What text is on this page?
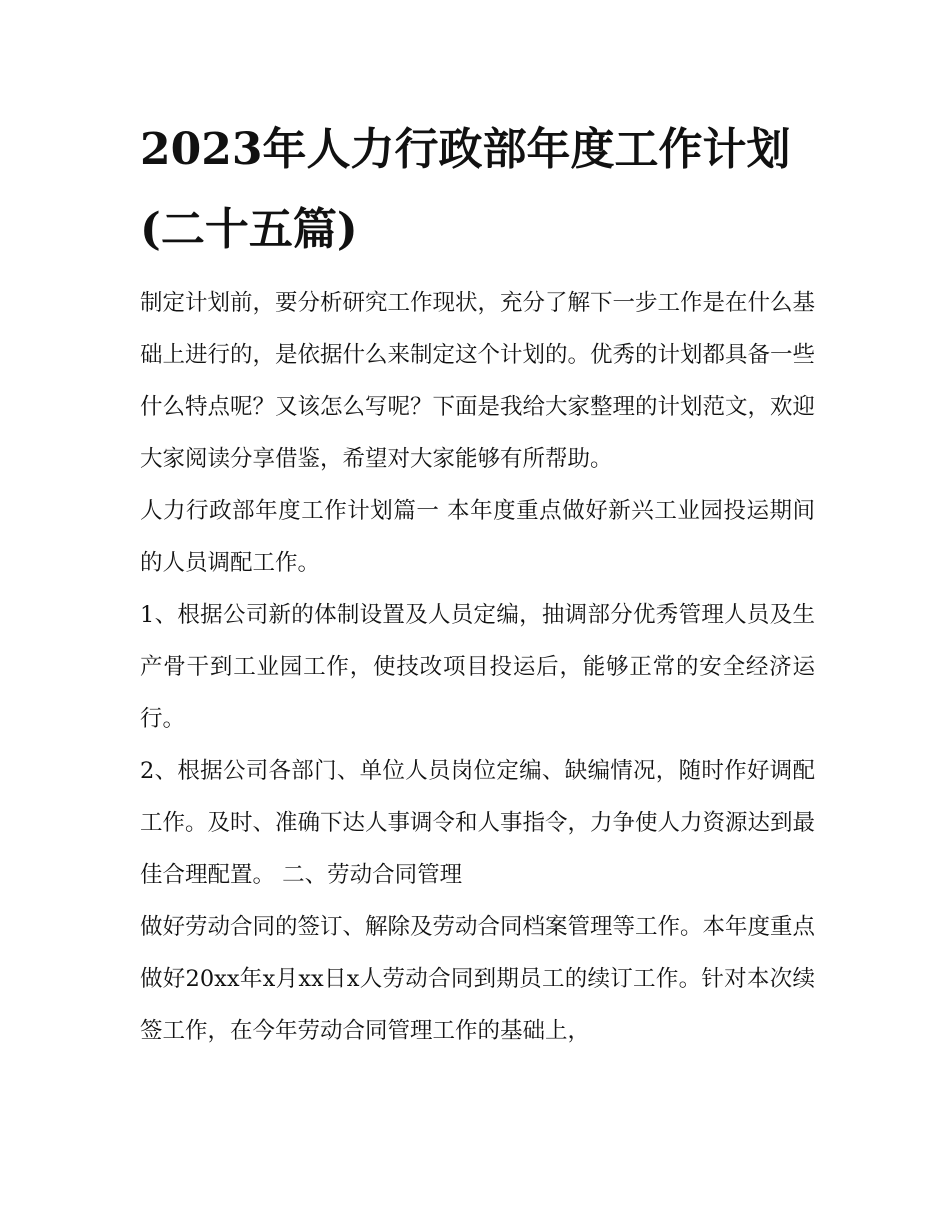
2023年人力行政部年度工作计划(二十五篇)

制定计划前，要分析研究工作现状，充分了解下一步工作是在什么基础上进行的，是依据什么来制定这个计划的。优秀的计划都具备一些什么特点呢？又该怎么写呢？下面是我给大家整理的计划范文，欢迎大家阅读分享借鉴，希望对大家能够有所帮助。

人力行政部年度工作计划篇一 本年度重点做好新兴工业园投运期间的人员调配工作。

1、根据公司新的体制设置及人员定编，抽调部分优秀管理人员及生产骨干到工业园工作，使技改项目投运后，能够正常的安全经济运行。

2、根据公司各部门、单位人员岗位定编、缺编情况，随时作好调配工作。及时、准确下达人事调令和人事指令，力争使人力资源达到最佳合理配置。 二、劳动合同管理

做好劳动合同的签订、解除及劳动合同档案管理等工作。本年度重点做好20xx年x月xx日x人劳动合同到期员工的续订工作。针对本次续签工作，在今年劳动合同管理工作的基础上，
